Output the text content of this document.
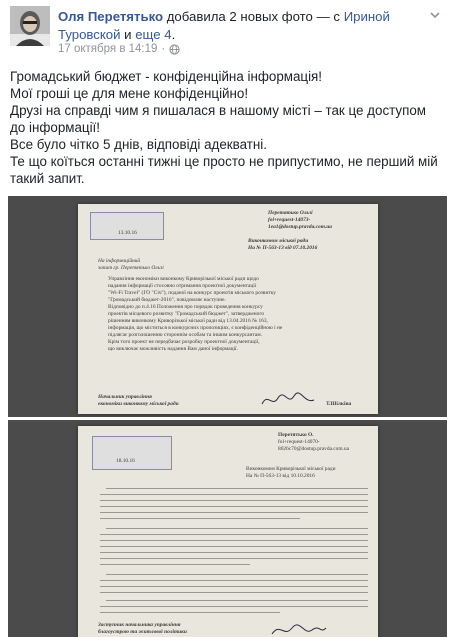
Оля Перетятько добавила 2 новых фото — с Ириной Туровской и еще 4.
17 октября в 14:19 ·

Громадський бюджет - конфіденційна інформація!

Мої гроші це для мене конфіденційно!

Друзі на справді чим я пишалася в нашому місті – так це доступом до інформації!

Все було чітко 5 днів, відповіді адекватні.

Те що коїться останні тижні це просто не припустимо, не перший мій такий запит.

13.10.16
Перетятько Ользі
fol+request-14073-1ea1@dostup.pravda.com.ua
Виконкомом міської ради
На № П-563-13 від 07.10.2016
На інформаційний
запит гр. Перетятько Ользі
Управління економіки виконкому Криворізької міської ради щодо
надання інформації стосовно отримання проектної документації
"Wi-Fi Travel" (ГО "Січ"), поданої на конкурс проектів міського розвитку
"Громадський бюджет-2016", повідомляє наступне.
Відповідно до п.4.16 Положення про порядок проведення конкурсу
проектів місцевого розвитку "Громадський бюджет", затвердженого
рішенням виконкому Криворізької міської ради від 13.04.2016 № 163,
інформація, що міститься в конкурсних пропозиціях, є конфіденційною і не
підлягає розголошенню стороннім особам та іншим конкурсантам.
Крім того проект не передбачає розробку проектної документації,
що виключає можливість надання Вам даної інформації.
Начальник управління
економіки виконкому міської ради	Т.Шілкіна
18.10.16
Перетятько О.
fol+request-14070-
8026c70@dostup.pravda.com.ua
Виконкомом Криворізької міської ради
На № П-563-13 від 10.10.2016
Заступник начальника управління
благоустрою та житлової політики
